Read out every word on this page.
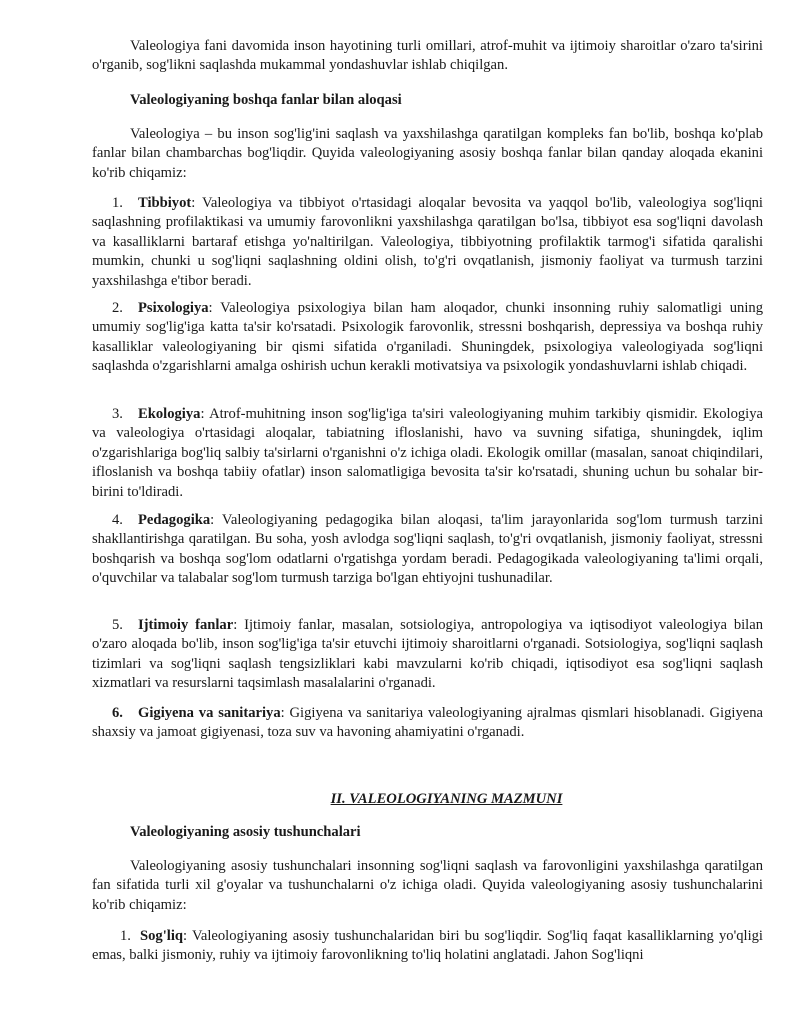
Valeologiya fani davomida inson hayotining turli omillari, atrof-muhit va ijtimoiy sharoitlar o'zaro ta'sirini o'rganib, sog'likni saqlashda mukammal yondashuvlar ishlab chiqilgan.

Valeologiyaning boshqa fanlar bilan aloqasi

Valeologiya – bu inson sog'lig'ini saqlash va yaxshilashga qaratilgan kompleks fan bo'lib, boshqa ko'plab fanlar bilan chambarchas bog'liqdir. Quyida valeologiyaning asosiy boshqa fanlar bilan qanday aloqada ekanini ko'rib chiqamiz:

1. Tibbiyot: Valeologiya va tibbiyot o'rtasidagi aloqalar bevosita va yaqqol bo'lib, valeologiya sog'liqni saqlashning profilaktikasi va umumiy farovonlikni yaxshilashga qaratilgan bo'lsa, tibbiyot esa sog'liqni davolash va kasalliklarni bartaraf etishga yo'naltirilgan. Valeologiya, tibbiyotning profilaktik tarmog'i sifatida qaralishi mumkin, chunki u sog'liqni saqlashning oldini olish, to'g'ri ovqatlanish, jismoniy faoliyat va turmush tarzini yaxshilashga e'tibor beradi.

2. Psixologiya: Valeologiya psixologiya bilan ham aloqador, chunki insonning ruhiy salomatligi uning umumiy sog'lig'iga katta ta'sir ko'rsatadi. Psixologik farovonlik, stressni boshqarish, depressiya va boshqa ruhiy kasalliklar valeologiyaning bir qismi sifatida o'rganiladi. Shuningdek, psixologiya valeologiyada sog'liqni saqlashda o'zgarishlarni amalga oshirish uchun kerakli motivatsiya va psixologik yondashuvlarni ishlab chiqadi.

3. Ekologiya: Atrof-muhitning inson sog'lig'iga ta'siri valeologiyaning muhim tarkibiy qismidir. Ekologiya va valeologiya o'rtasidagi aloqalar, tabiatning ifloslanishi, havo va suvning sifatiga, shuningdek, iqlim o'zgarishlariga bog'liq salbiy ta'sirlarni o'rganishni o'z ichiga oladi. Ekologik omillar (masalan, sanoat chiqindilari, ifloslanish va boshqa tabiiy ofatlar) inson salomatligiga bevosita ta'sir ko'rsatadi, shuning uchun bu sohalar bir-birini to'ldiradi.

4. Pedagogika: Valeologiyaning pedagogika bilan aloqasi, ta'lim jarayonlarida sog'lom turmush tarzini shakllantirishga qaratilgan. Bu soha, yosh avlodga sog'liqni saqlash, to'g'ri ovqatlanish, jismoniy faoliyat, stressni boshqarish va boshqa sog'lom odatlarni o'rgatishga yordam beradi. Pedagogikada valeologiyaning ta'limi orqali, o'quvchilar va talabalar sog'lom turmush tarziga bo'lgan ehtiyojni tushunadilar.

5. Ijtimoiy fanlar: Ijtimoiy fanlar, masalan, sotsiologiya, antropologiya va iqtisodiyot valeologiya bilan o'zaro aloqada bo'lib, inson sog'lig'iga ta'sir etuvchi ijtimoiy sharoitlarni o'rganadi. Sotsiologiya, sog'liqni saqlash tizimlari va sog'liqni saqlash tengsizliklari kabi mavzularni ko'rib chiqadi, iqtisodiyot esa sog'liqni saqlash xizmatlari va resurslarni taqsimlash masalalarini o'rganadi.

6. Gigiyena va sanitariya: Gigiyena va sanitariya valeologiyaning ajralmas qismlari hisoblanadi. Gigiyena shaxsiy va jamoat gigiyenasi, toza suv va havoning ahamiyatini o'rganadi.

II. VALEOLOGIYANING MAZMUNI

Valeologiyaning asosiy tushunchalari

Valeologiyaning asosiy tushunchalari insonning sog'liqni saqlash va farovonligini yaxshilashga qaratilgan fan sifatida turli xil g'oyalar va tushunchalarni o'z ichiga oladi. Quyida valeologiyaning asosiy tushunchalarini ko'rib chiqamiz:

1. Sog'liq: Valeologiyaning asosiy tushunchalaridan biri bu sog'liqdir. Sog'liq faqat kasalliklarning yo'qligi emas, balki jismoniy, ruhiy va ijtimoiy farovonlikning to'liq holatini anglatadi. Jahon Sog'liqni
